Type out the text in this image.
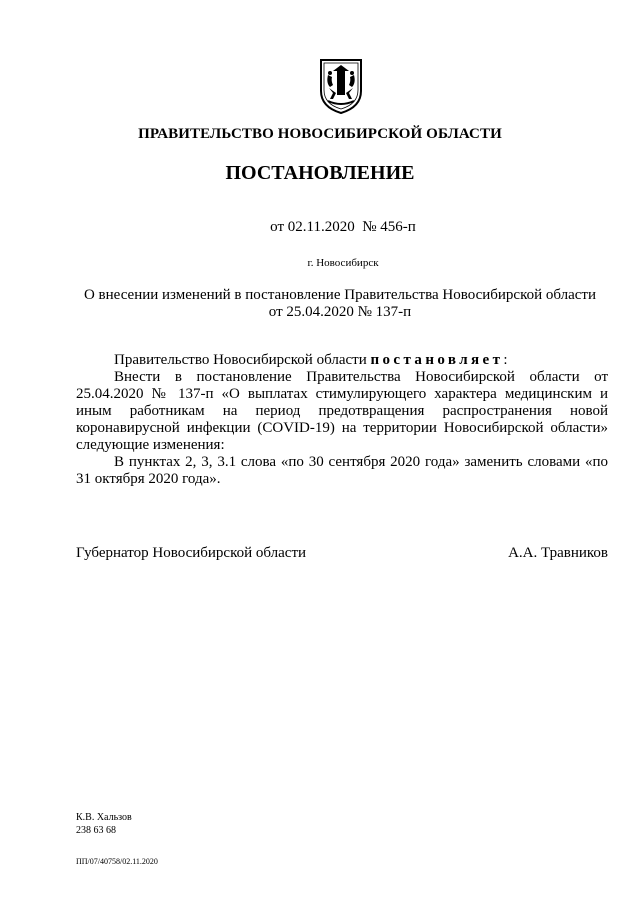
ПРАВИТЕЛЬСТВО НОВОСИБИРСКОЙ ОБЛАСТИ
ПОСТАНОВЛЕНИЕ
от 02.11.2020  № 456-п
г. Новосибирск
О внесении изменений в постановление Правительства Новосибирской области
от 25.04.2020 № 137-п

Правительство Новосибирской области постановляет:

Внести в постановление Правительства Новосибирской области от 25.04.2020 № 137-п «О выплатах стимулирующего характера медицинским и иным работникам на период предотвращения распространения новой коронавирусной инфекции (COVID-19) на территории Новосибирской области» следующие изменения:

В пунктах 2, 3, 3.1 слова «по 30 сентября 2020 года» заменить словами «по 31 октября 2020 года».

Губернатор Новосибирской области	А.А. Травников
К.В. Хальзов
238 63 68
ПП/07/40758/02.11.2020
